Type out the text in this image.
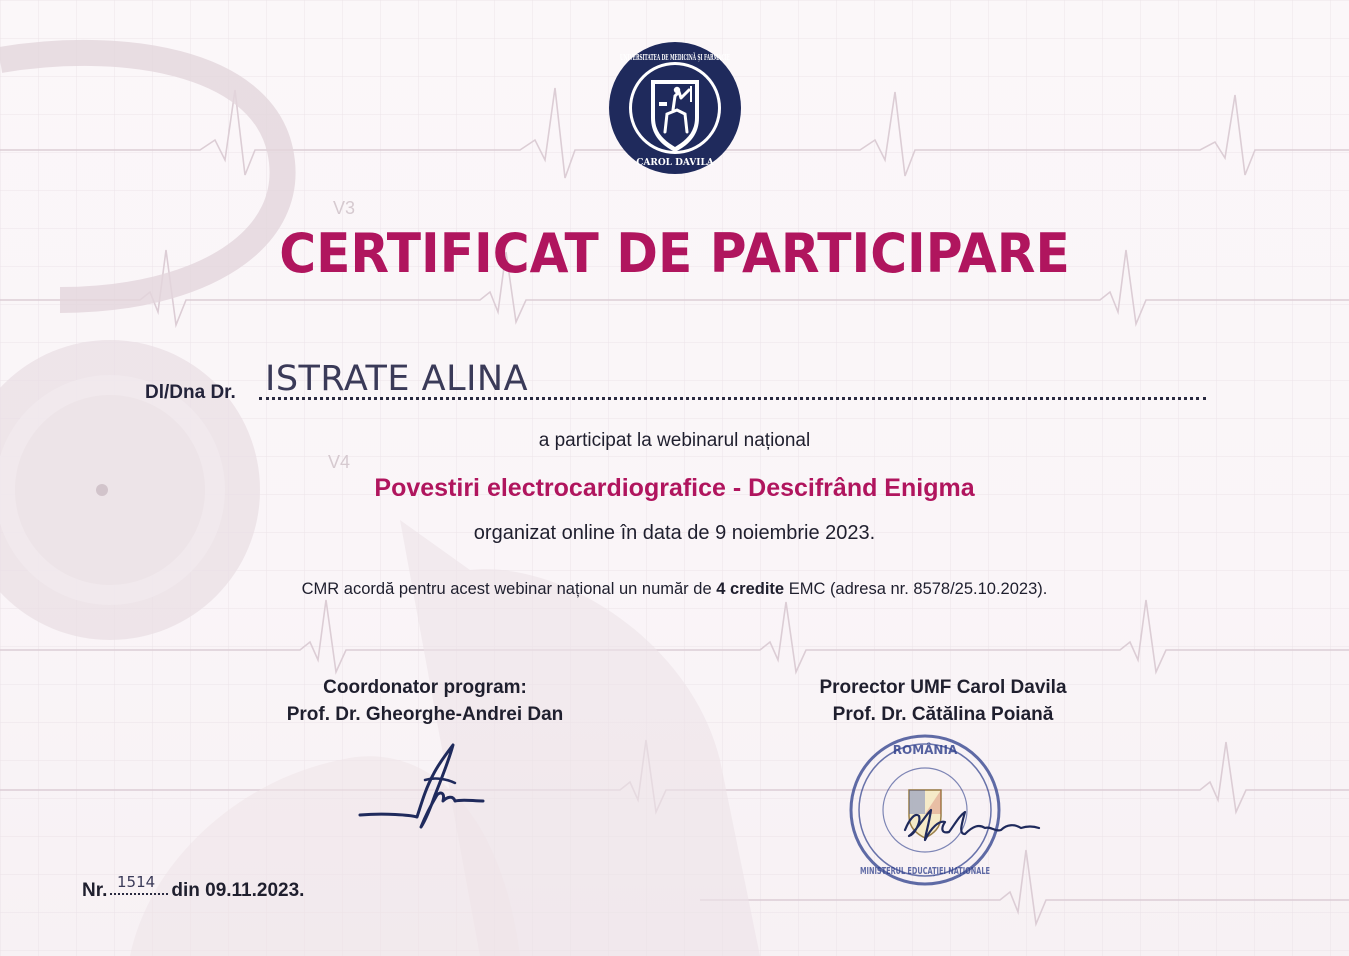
V3
V4
UNIVERSITATEA DE MEDICINĂ ȘI FARMACIE
CAROL DAVILA
CERTIFICAT DE PARTICIPARE
Dl/Dna Dr. ISTRATE ALINA
a participat la webinarul național
Povestiri electrocardiografice - Descifrând Enigma
organizat online în data de 9 noiembrie 2023.
CMR acordă pentru acest webinar național un număr de 4 credite EMC (adresa nr. 8578/25.10.2023).
Coordonator program:
Prof. Dr. Gheorghe-Andrei Dan
Prorector UMF Carol Davila
Prof. Dr. Cătălina Poiană
ROMÂNIA
MINISTERUL EDUCAȚIEI NAȚIONALE
Nr.	din 09.11.2023.
1514
